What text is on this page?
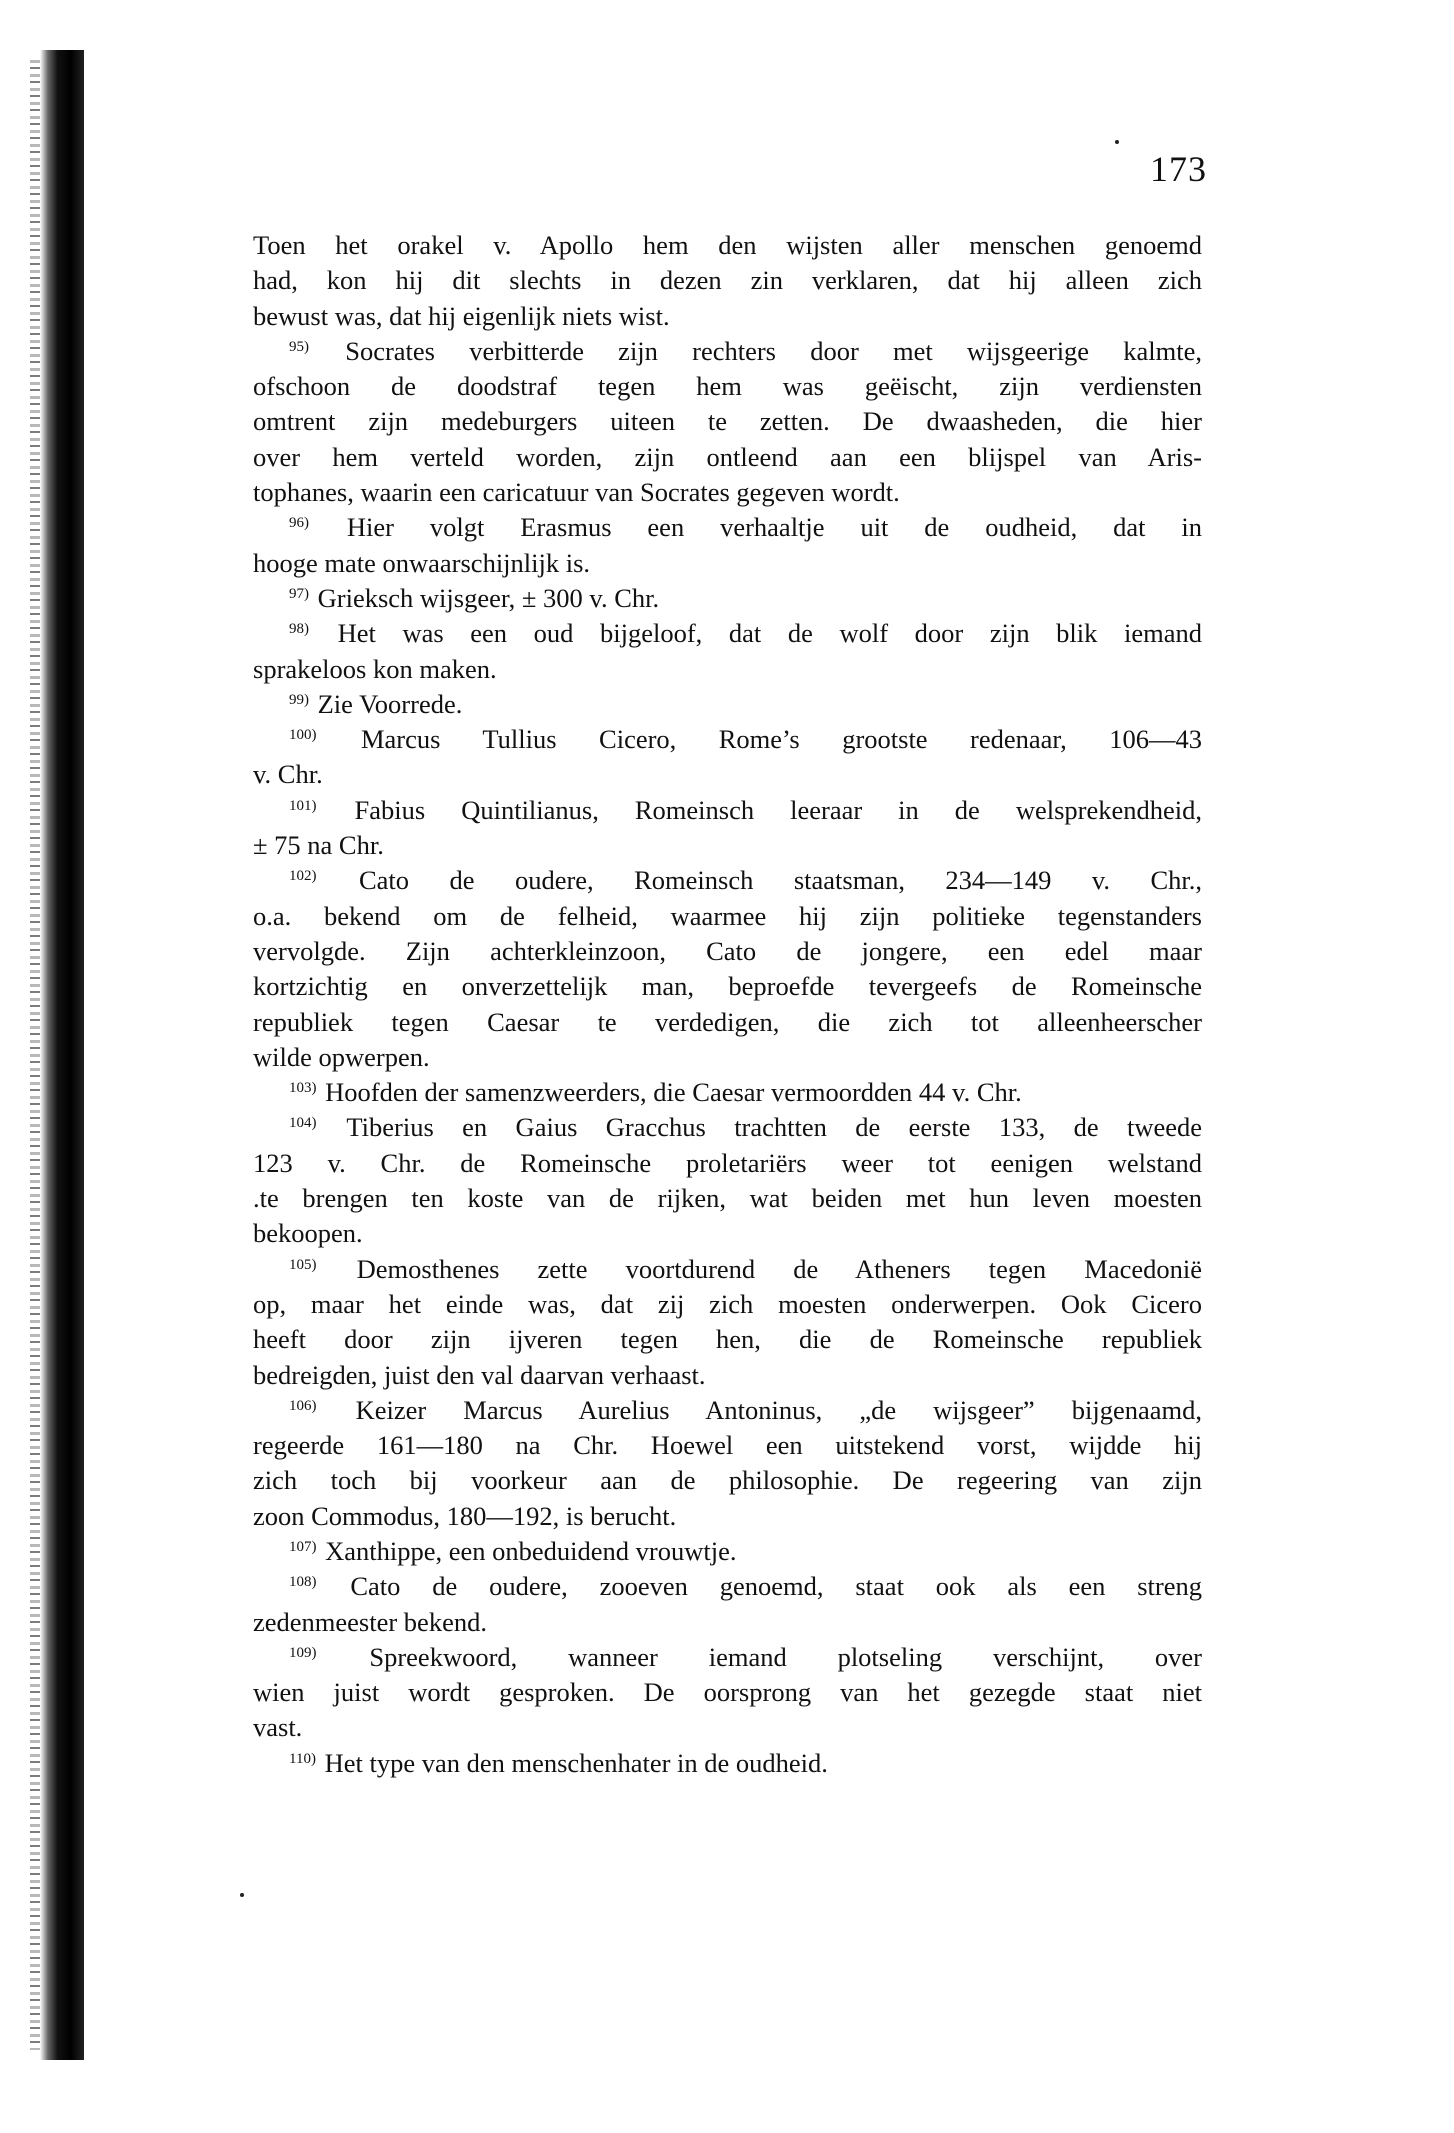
173
Toen het orakel v. Apollo hem den wijsten aller menschen genoemd
had, kon hij dit slechts in dezen zin verklaren, dat hij alleen zich
bewust was, dat hij eigenlijk niets wist.
$^{95)}$ Socrates verbitterde zijn rechters door met wijsgeerige kalmte,
ofschoon de doodstraf tegen hem was geëischt, zijn verdiensten
omtrent zijn medeburgers uiteen te zetten. De dwaasheden, die hier
over hem verteld worden, zijn ontleend aan een blijspel van Aris-
tophanes, waarin een caricatuur van Socrates gegeven wordt.
$^{96)}$ Hier volgt Erasmus een verhaaltje uit de oudheid, dat in
hooge mate onwaarschijnlijk is.
$^{97)}$ Grieksch wijsgeer, ± 300 v. Chr.
$^{98)}$ Het was een oud bijgeloof, dat de wolf door zijn blik iemand
sprakeloos kon maken.
$^{99)}$ Zie Voorrede.
$^{100)}$ Marcus Tullius Cicero, Rome’s grootste redenaar, 106—43
v. Chr.
$^{101)}$ Fabius Quintilianus, Romeinsch leeraar in de welsprekendheid,
± 75 na Chr.
$^{102)}$ Cato de oudere, Romeinsch staatsman, 234—149 v. Chr.,
o.a. bekend om de felheid, waarmee hij zijn politieke tegenstanders
vervolgde. Zijn achterkleinzoon, Cato de jongere, een edel maar
kortzichtig en onverzettelijk man, beproefde tevergeefs de Romeinsche
republiek tegen Caesar te verdedigen, die zich tot alleenheerscher
wilde opwerpen.
$^{103)}$ Hoofden der samenzweerders, die Caesar vermoordden 44 v. Chr.
$^{104)}$ Tiberius en Gaius Gracchus trachtten de eerste 133, de tweede
123 v. Chr. de Romeinsche proletariërs weer tot eenigen welstand
.te brengen ten koste van de rijken, wat beiden met hun leven moesten
bekoopen.
$^{105)}$ Demosthenes zette voortdurend de Atheners tegen Macedonië
op, maar het einde was, dat zij zich moesten onderwerpen. Ook Cicero
heeft door zijn ijveren tegen hen, die de Romeinsche republiek
bedreigden, juist den val daarvan verhaast.
$^{106)}$ Keizer Marcus Aurelius Antoninus, „de wijsgeer” bijgenaamd,
regeerde 161—180 na Chr. Hoewel een uitstekend vorst, wijdde hij
zich toch bij voorkeur aan de philosophie. De regeering van zijn
zoon Commodus, 180—192, is berucht.
$^{107)}$ Xanthippe, een onbeduidend vrouwtje.
$^{108)}$ Cato de oudere, zooeven genoemd, staat ook als een streng
zedenmeester bekend.
$^{109)}$ Spreekwoord, wanneer iemand plotseling verschijnt, over
wien juist wordt gesproken. De oorsprong van het gezegde staat niet
vast.
$^{110)}$ Het type van den menschenhater in de oudheid.
